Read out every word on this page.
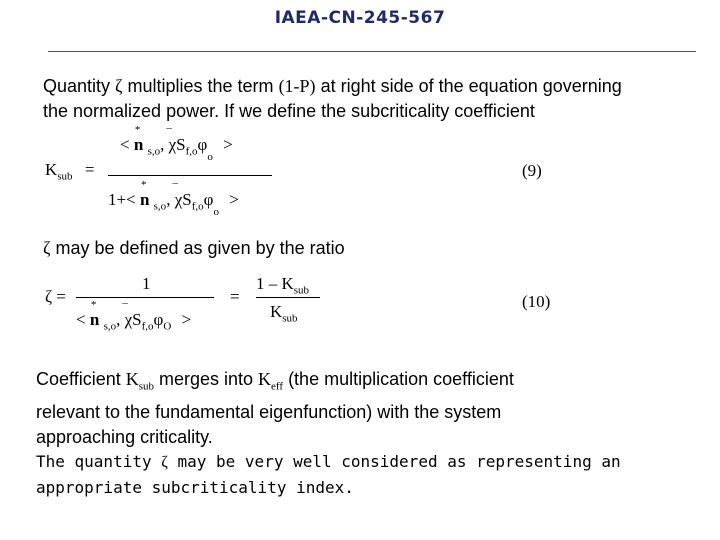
IAEA-CN-245-567
Quantity ζ multiplies the term (1-P) at right side of the equation governing
the normalized power. If we define the subcriticality coefficient
$K_{sub}$ =
< n
*
$_{s,o}$,
–
$\chi S_{f,o}\varphi_o$ >
1+< n
*
$_{s,o}$,
–
$\chi S_{f,o}\varphi_o$ >
(9)
ζ may be defined as given by the ratio
ζ =
1
< n
*
$_{s,o}$,
–
$\chi S_{f,o}\varphi_O$ >
=
$1 - K_{sub}$
$K_{sub}$
(10)
Coefficient $K_{sub}$ merges into $K_{eff}$ (the multiplication coefficient
relevant to the fundamental eigenfunction) with the system
approaching criticality.
The quantity ζ may be very well considered as representing an
appropriate subcriticality index.
